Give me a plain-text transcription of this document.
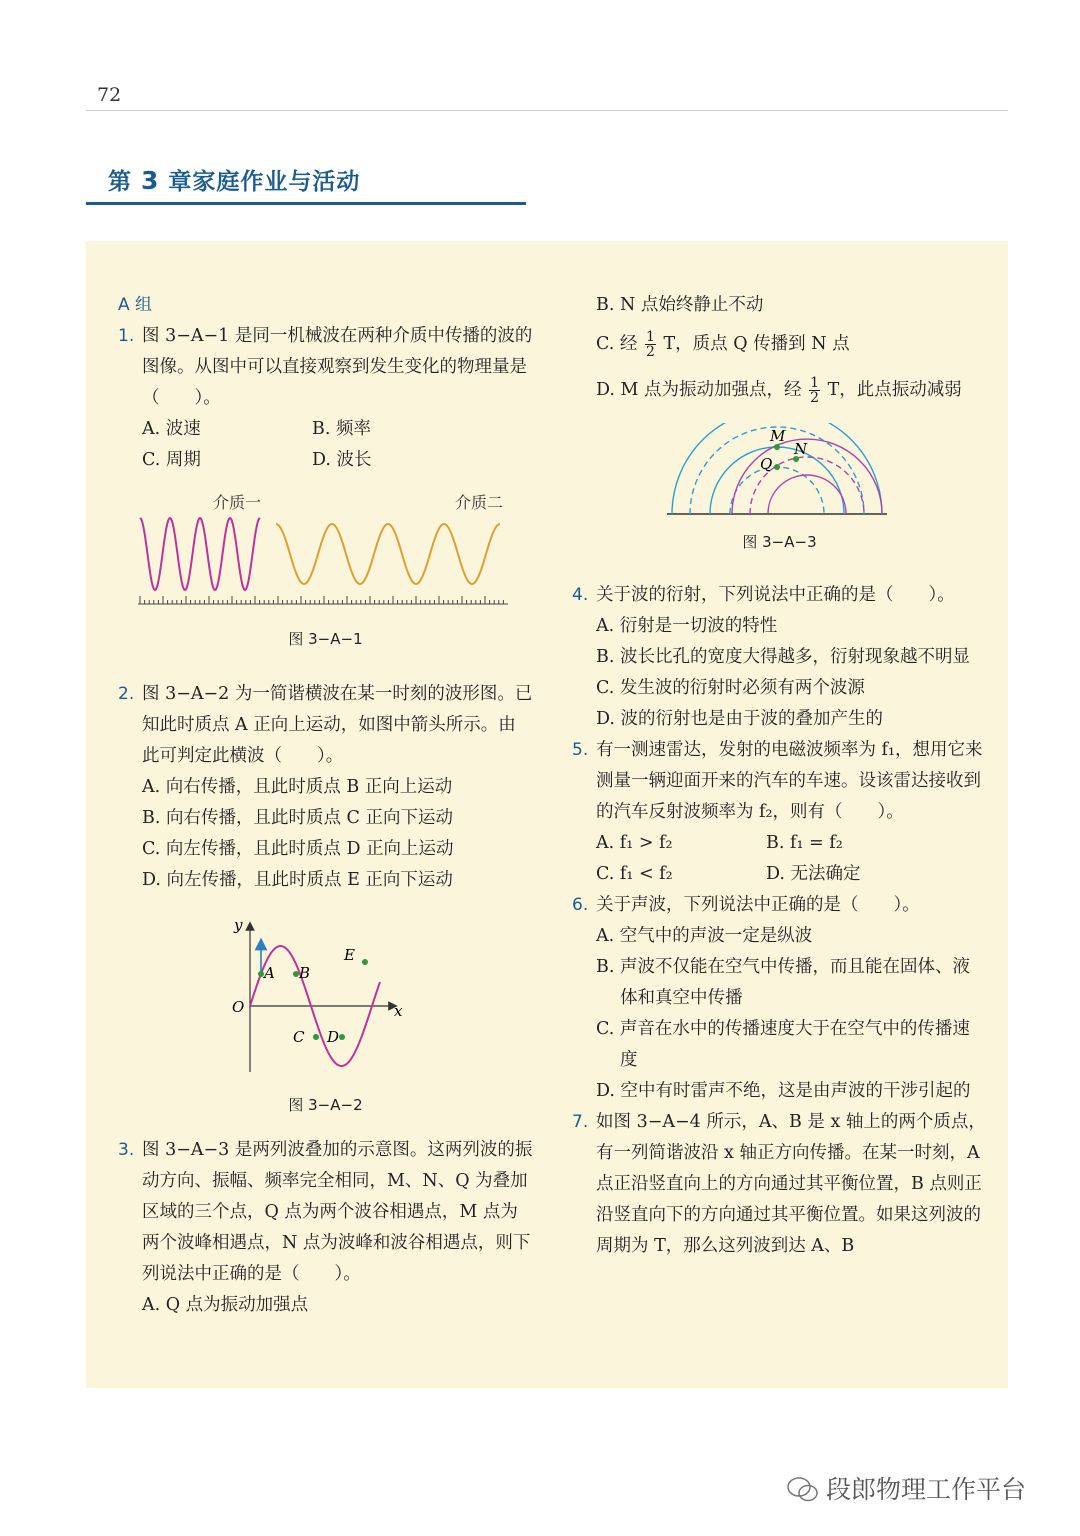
72
第 3 章家庭作业与活动
A 组
1. 图 3−A−1 是同一机械波在两种介质中传播的波的图像。从图中可以直接观察到发生变化的物理量是（　　）。
A. 波速	B. 频率
C. 周期	D. 波长
介质一	介质二
图 3−A−1
2. 图 3−A−2 为一简谐横波在某一时刻的波形图。已知此时质点 A 正向上运动，如图中箭头所示。由此可判定此横波（　　）。
A. 向右传播，且此时质点 B 正向上运动
B. 向右传播，且此时质点 C 正向下运动
C. 向左传播，且此时质点 D 正向上运动
D. 向左传播，且此时质点 E 正向下运动
y
x
O
A B
C D
E
图 3−A−2
3. 图 3−A−3 是两列波叠加的示意图。这两列波的振动方向、振幅、频率完全相同，M、N、Q 为叠加区域的三个点，Q 点为两个波谷相遇点，M 点为两个波峰相遇点，N 点为波峰和波谷相遇点，则下列说法中正确的是（　　）。
A. Q 点为振动加强点
B. N 点始终静止不动
C. 经 $\frac{1}{2}$ T，质点 Q 传播到 N 点
D. M 点为振动加强点，经 $\frac{1}{2}$ T，此点振动减弱
M
N
Q
图 3−A−3
4. 关于波的衍射，下列说法中正确的是（　　）。
A. 衍射是一切波的特性
B. 波长比孔的宽度大得越多，衍射现象越不明显
C. 发生波的衍射时必须有两个波源
D. 波的衍射也是由于波的叠加产生的
5. 有一测速雷达，发射的电磁波频率为 f₁，想用它来测量一辆迎面开来的汽车的车速。设该雷达接收到的汽车反射波频率为 f₂，则有（　　）。
A. f₁ > f₂	B. f₁ = f₂
C. f₁ < f₂	D. 无法确定
6. 关于声波，下列说法中正确的是（　　）。
A. 空气中的声波一定是纵波
B. 声波不仅能在空气中传播，而且能在固体、液体和真空中传播
C. 声音在水中的传播速度大于在空气中的传播速度
D. 空中有时雷声不绝，这是由声波的干涉引起的
7. 如图 3−A−4 所示，A、B 是 x 轴上的两个质点，有一列简谐波沿 x 轴正方向传播。在某一时刻，A 点正沿竖直向上的方向通过其平衡位置，B 点则正沿竖直向下的方向通过其平衡位置。如果这列波的周期为 T，那么这列波到达 A、B
段郎物理工作平台
